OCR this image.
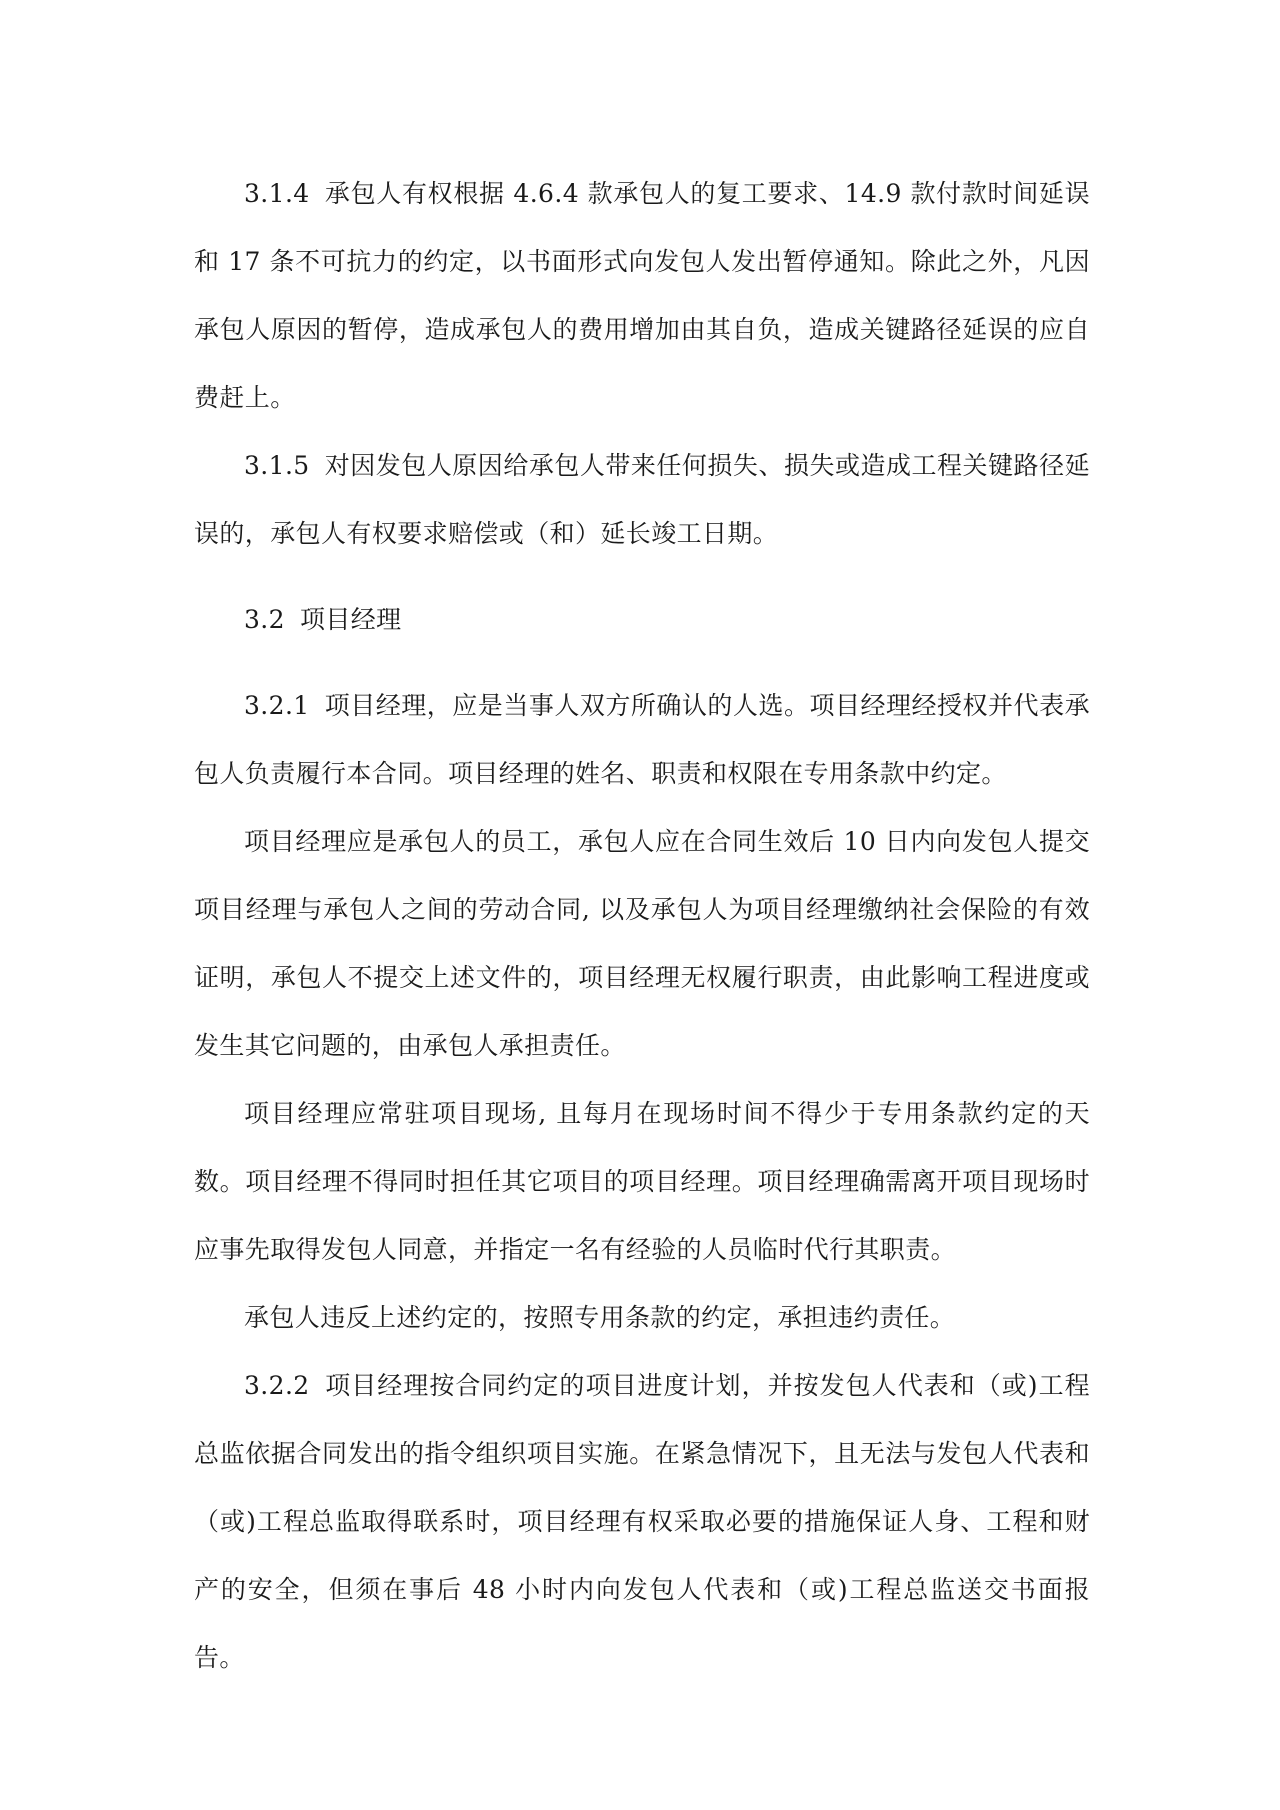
3.1.4 承包人有权根据 4.6.4 款承包人的复工要求、14.9 款付款时间延误和 17 条不可抗力的约定，以书面形式向发包人发出暂停通知。除此之外，凡因承包人原因的暂停，造成承包人的费用增加由其自负，造成关键路径延误的应自费赶上。

3.1.5 对因发包人原因给承包人带来任何损失、损失或造成工程关键路径延误的，承包人有权要求赔偿或（和）延长竣工日期。

3.2 项目经理

3.2.1 项目经理，应是当事人双方所确认的人选。项目经理经授权并代表承包人负责履行本合同。项目经理的姓名、职责和权限在专用条款中约定。

项目经理应是承包人的员工，承包人应在合同生效后 10 日内向发包人提交项目经理与承包人之间的劳动合同, 以及承包人为项目经理缴纳社会保险的有效证明，承包人不提交上述文件的，项目经理无权履行职责，由此影响工程进度或发生其它问题的，由承包人承担责任。

项目经理应常驻项目现场, 且每月在现场时间不得少于专用条款约定的天数。项目经理不得同时担任其它项目的项目经理。项目经理确需离开项目现场时应事先取得发包人同意，并指定一名有经验的人员临时代行其职责。

承包人违反上述约定的，按照专用条款的约定，承担违约责任。

3.2.2 项目经理按合同约定的项目进度计划，并按发包人代表和（或)工程总监依据合同发出的指令组织项目实施。在紧急情况下，且无法与发包人代表和（或)工程总监取得联系时，项目经理有权采取必要的措施保证人身、工程和财产的安全，但须在事后 48 小时内向发包人代表和（或)工程总监送交书面报告。
